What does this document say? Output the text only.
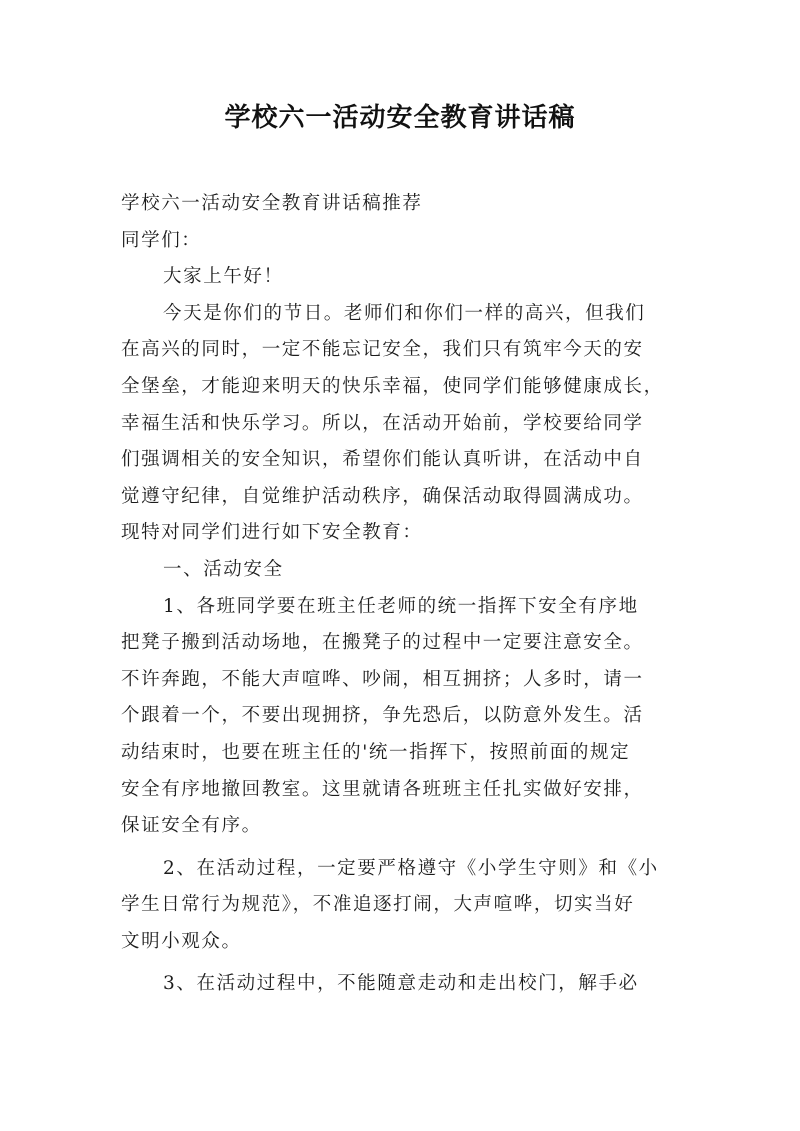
学校六一活动安全教育讲话稿
学校六一活动安全教育讲话稿推荐
同学们：
大家上午好！
今天是你们的节日。老师们和你们一样的高兴，但我们
在高兴的同时，一定不能忘记安全，我们只有筑牢今天的安
全堡垒，才能迎来明天的快乐幸福，使同学们能够健康成长，
幸福生活和快乐学习。所以，在活动开始前，学校要给同学
们强调相关的安全知识，希望你们能认真听讲，在活动中自
觉遵守纪律，自觉维护活动秩序，确保活动取得圆满成功。
现特对同学们进行如下安全教育：
一、活动安全
1、各班同学要在班主任老师的统一指挥下安全有序地
把凳子搬到活动场地，在搬凳子的过程中一定要注意安全。
不许奔跑，不能大声喧哗、吵闹，相互拥挤；人多时，请一
个跟着一个，不要出现拥挤，争先恐后，以防意外发生。活
动结束时，也要在班主任的'统一指挥下，按照前面的规定
安全有序地撤回教室。这里就请各班班主任扎实做好安排，
保证安全有序。
2、在活动过程，一定要严格遵守《小学生守则》和《小
学生日常行为规范》，不准追逐打闹，大声喧哗，切实当好
文明小观众。
3、在活动过程中，不能随意走动和走出校门，解手必
